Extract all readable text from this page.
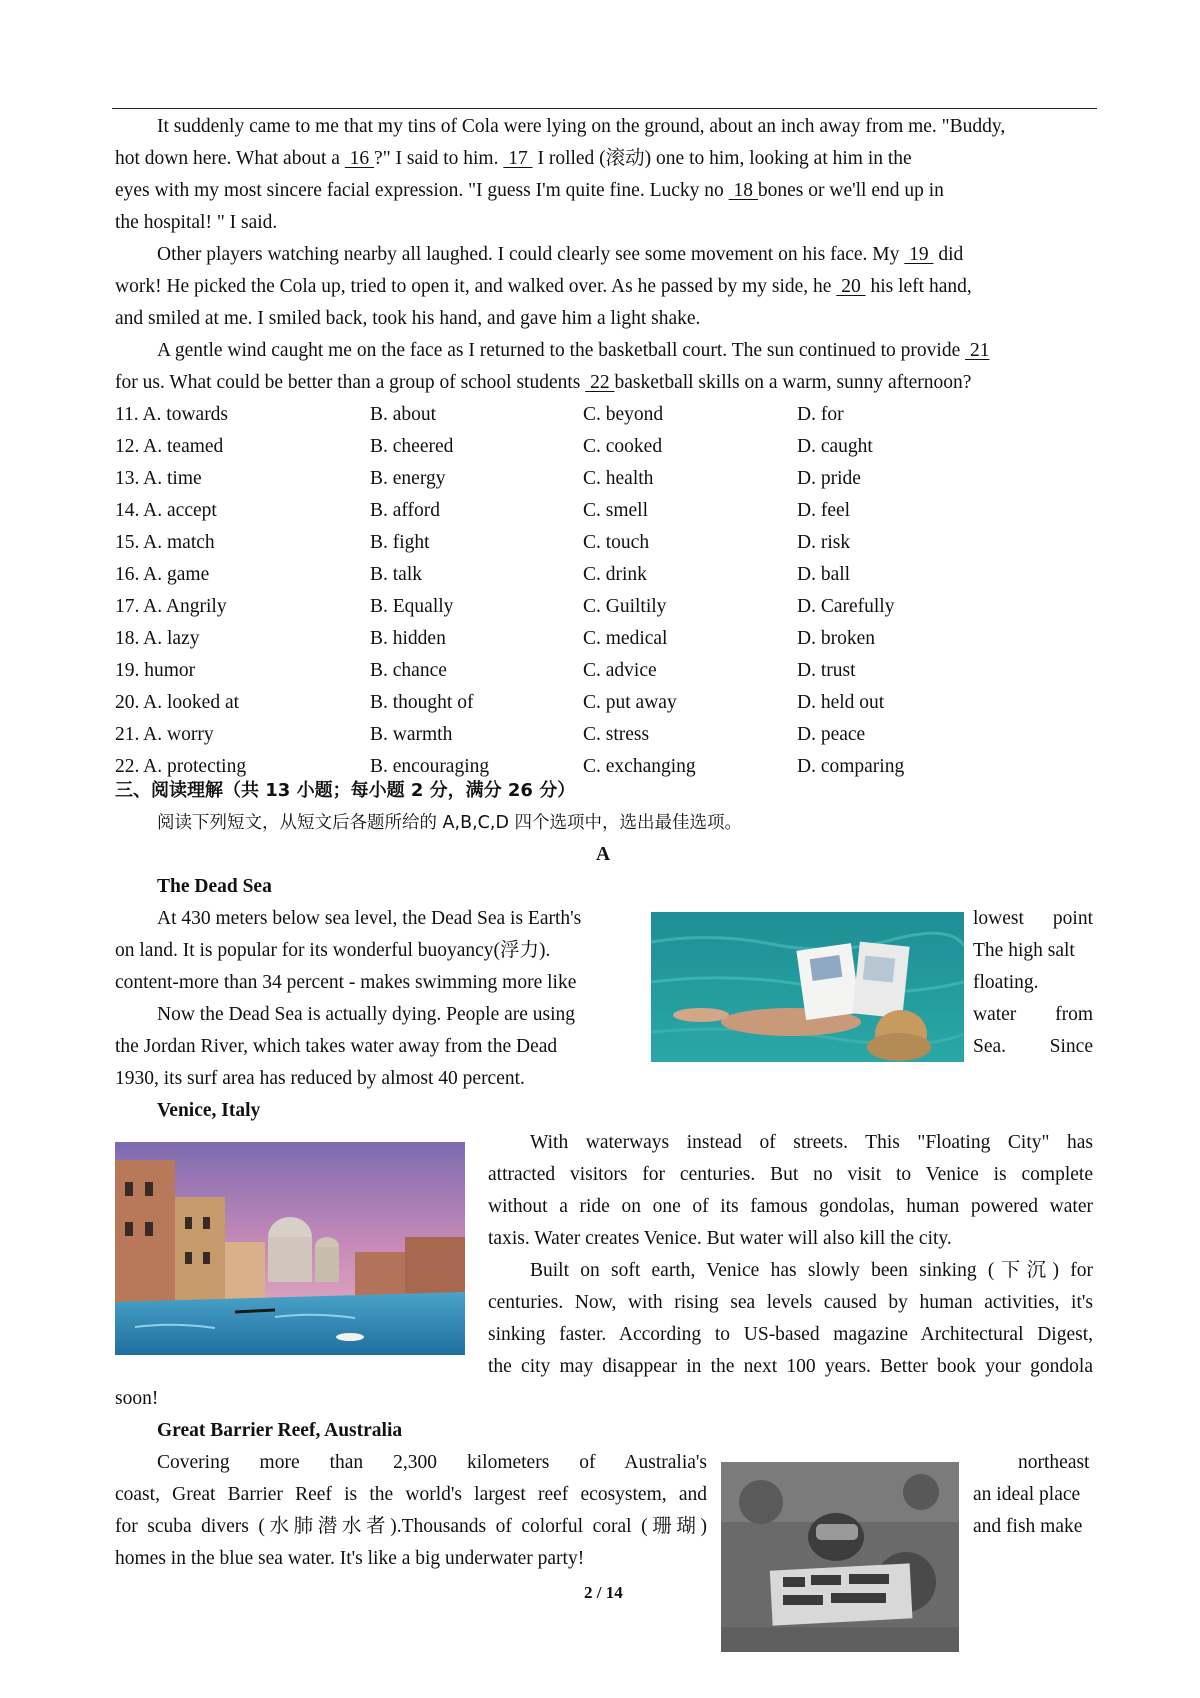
It suddenly came to me that my tins of Cola were lying on the ground, about an inch away from me. "Buddy,
hot down here. What about a  16 ?" I said to him.  17  I rolled (滚动) one to him, looking at him in the
eyes with my most sincere facial expression. "I guess I'm quite fine. Lucky no  18 bones or we'll end up in
the hospital! " I said.
Other players watching nearby all laughed. I could clearly see some movement on his face. My  19  did
work! He picked the Cola up, tried to open it, and walked over. As he passed by my side, he  20  his left hand,
and smiled at me. I smiled back, took his hand, and gave him a light shake.
A gentle wind caught me on the face as I returned to the basketball court. The sun continued to provide  21
for us. What could be better than a group of school students  22 basketball skills on a warm, sunny afternoon?
11. A. towards	B. about	C. beyond	D. for
12. A. teamed	B. cheered	C. cooked	D. caught
13. A. time	B. energy	C. health	D. pride
14. A. accept	B. afford	C. smell	D. feel
15. A. match	B. fight	C. touch	D. risk
16. A. game	B. talk	C. drink	D. ball
17. A. Angrily	B. Equally	C. Guiltily	D. Carefully
18. A. lazy	B. hidden	C. medical	D. broken
19. humor	B. chance	C. advice	D. trust
20. A. looked at	B. thought of	C. put away	D. held out
21. A. worry	B. warmth	C. stress	D. peace
22. A. protecting	B. encouraging	C. exchanging	D. comparing
三、阅读理解（共 13 小题；每小题 2 分，满分 26 分）
阅读下列短文，从短文后各题所给的 A,B,C,D 四个选项中，选出最佳选项。
A
The Dead Sea
At 430 meters below sea level, the Dead Sea is Earth's	lowest point
on land. It is popular for its wonderful buoyancy(浮力).	The high salt
content-more than 34 percent - makes swimming more like	floating.
Now the Dead Sea is actually dying. People are using	water from
the Jordan River, which takes water away from the Dead	Sea. Since
1930, its surf area has reduced by almost 40 percent.
Venice, Italy
With waterways instead of streets. This "Floating City" has
attracted visitors for centuries. But no visit to Venice is complete
without a ride on one of its famous gondolas, human powered water
taxis. Water creates Venice. But water will also kill the city.
Built on soft earth, Venice has slowly been sinking (下沉) for
centuries. Now, with rising sea levels caused by human activities, it's
sinking faster. According to US-based magazine Architectural Digest,
the city may disappear in the next 100 years. Better book your gondola
soon!
Great Barrier Reef, Australia
Covering more than 2,300 kilometers of Australia's	northeast
coast, Great Barrier Reef is the world's largest reef ecosystem, and	an ideal place
for scuba divers (水肺潜水者).Thousands of colorful coral (珊瑚)	and fish make
homes in the blue sea water. It's like a big underwater party!
2 / 14
